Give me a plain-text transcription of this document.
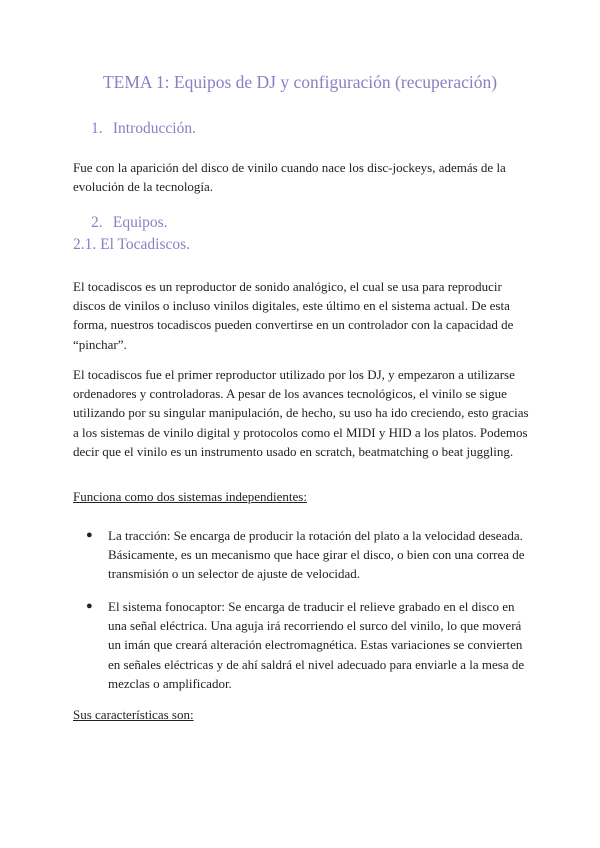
TEMA 1: Equipos de DJ y configuración (recuperación)
1. Introducción.
Fue con la aparición del disco de vinilo cuando nace los disc-jockeys, además de la evolución de la tecnología.
2. Equipos.
2.1. El Tocadiscos.
El tocadiscos es un reproductor de sonido analógico, el cual se usa para reproducir discos de vinilos o incluso vinilos digitales, este último en el sistema actual. De esta forma, nuestros tocadiscos pueden convertirse en un controlador con la capacidad de “pinchar”.
El tocadiscos fue el primer reproductor utilizado por los DJ, y empezaron a utilizarse ordenadores y controladoras. A pesar de los avances tecnológicos, el vinilo se sigue utilizando por su singular manipulación, de hecho, su uso ha ido creciendo, esto gracias a los sistemas de vinilo digital y protocolos como el MIDI y HID a los platos. Podemos decir que el vinilo es un instrumento usado en scratch, beatmatching o beat juggling.
Funciona como dos sistemas independientes:
● La tracción: Se encarga de producir la rotación del plato a la velocidad deseada. Básicamente, es un mecanismo que hace girar el disco, o bien con una correa de transmisión o un selector de ajuste de velocidad.
● El sistema fonocaptor: Se encarga de traducir el relieve grabado en el disco en una señal eléctrica. Una aguja irá recorriendo el surco del vinilo, lo que moverá un imán que creará alteración electromagnética. Estas variaciones se convierten en señales eléctricas y de ahí saldrá el nivel adecuado para enviarle a la mesa de mezclas o amplificador.
Sus características son:
